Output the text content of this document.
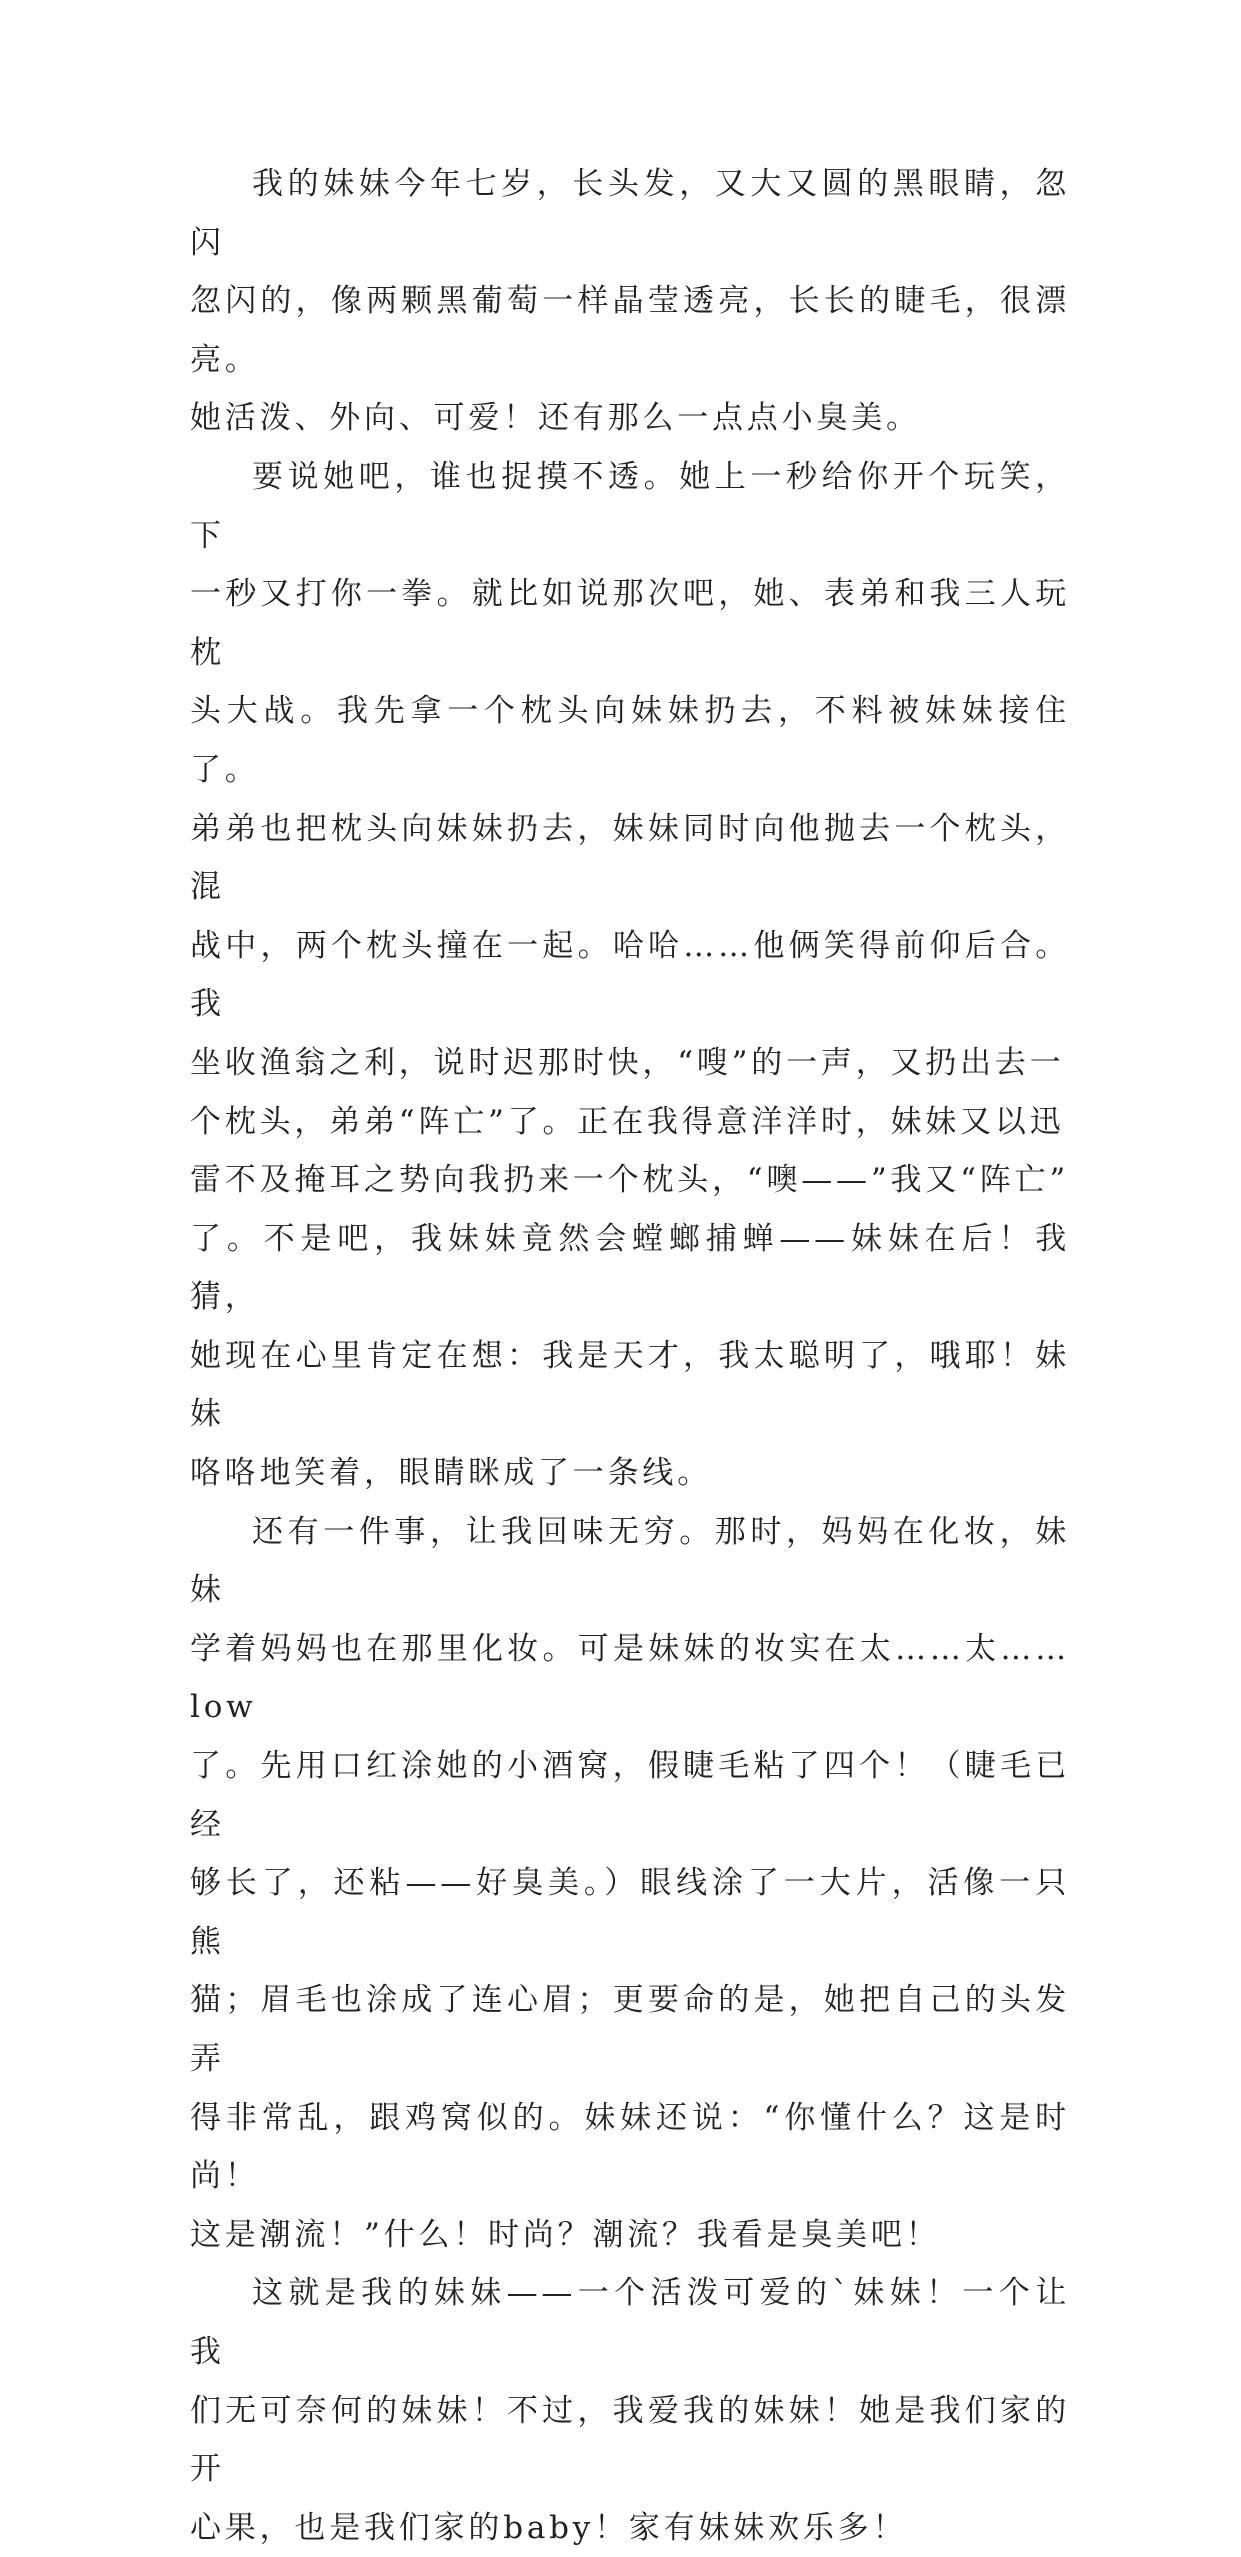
我的妹妹今年七岁，长头发，又大又圆的黑眼睛，忽闪
忽闪的，像两颗黑葡萄一样晶莹透亮，长长的睫毛，很漂亮。
她活泼、外向、可爱！还有那么一点点小臭美。

要说她吧，谁也捉摸不透。她上一秒给你开个玩笑，下
一秒又打你一拳。就比如说那次吧，她、表弟和我三人玩枕
头大战。我先拿一个枕头向妹妹扔去，不料被妹妹接住了。
弟弟也把枕头向妹妹扔去，妹妹同时向他抛去一个枕头，混
战中，两个枕头撞在一起。哈哈……他俩笑得前仰后合。我
坐收渔翁之利，说时迟那时快，“嗖”的一声，又扔出去一
个枕头，弟弟“阵亡”了。正在我得意洋洋时，妹妹又以迅
雷不及掩耳之势向我扔来一个枕头，“噢——”我又“阵亡”
了。不是吧，我妹妹竟然会螳螂捕蝉——妹妹在后！我猜，
她现在心里肯定在想：我是天才，我太聪明了，哦耶！妹妹
咯咯地笑着，眼睛眯成了一条线。

还有一件事，让我回味无穷。那时，妈妈在化妆，妹妹
学着妈妈也在那里化妆。可是妹妹的妆实在太……太……low
了。先用口红涂她的小酒窝，假睫毛粘了四个！（睫毛已经
够长了，还粘——好臭美。）眼线涂了一大片，活像一只熊
猫；眉毛也涂成了连心眉；更要命的是，她把自己的头发弄
得非常乱，跟鸡窝似的。妹妹还说：“你懂什么？这是时尚！
这是潮流！”什么！时尚？潮流？我看是臭美吧！

这就是我的妹妹——一个活泼可爱的`妹妹！一个让我
们无可奈何的妹妹！不过，我爱我的妹妹！她是我们家的开
心果，也是我们家的baby！家有妹妹欢乐多！
